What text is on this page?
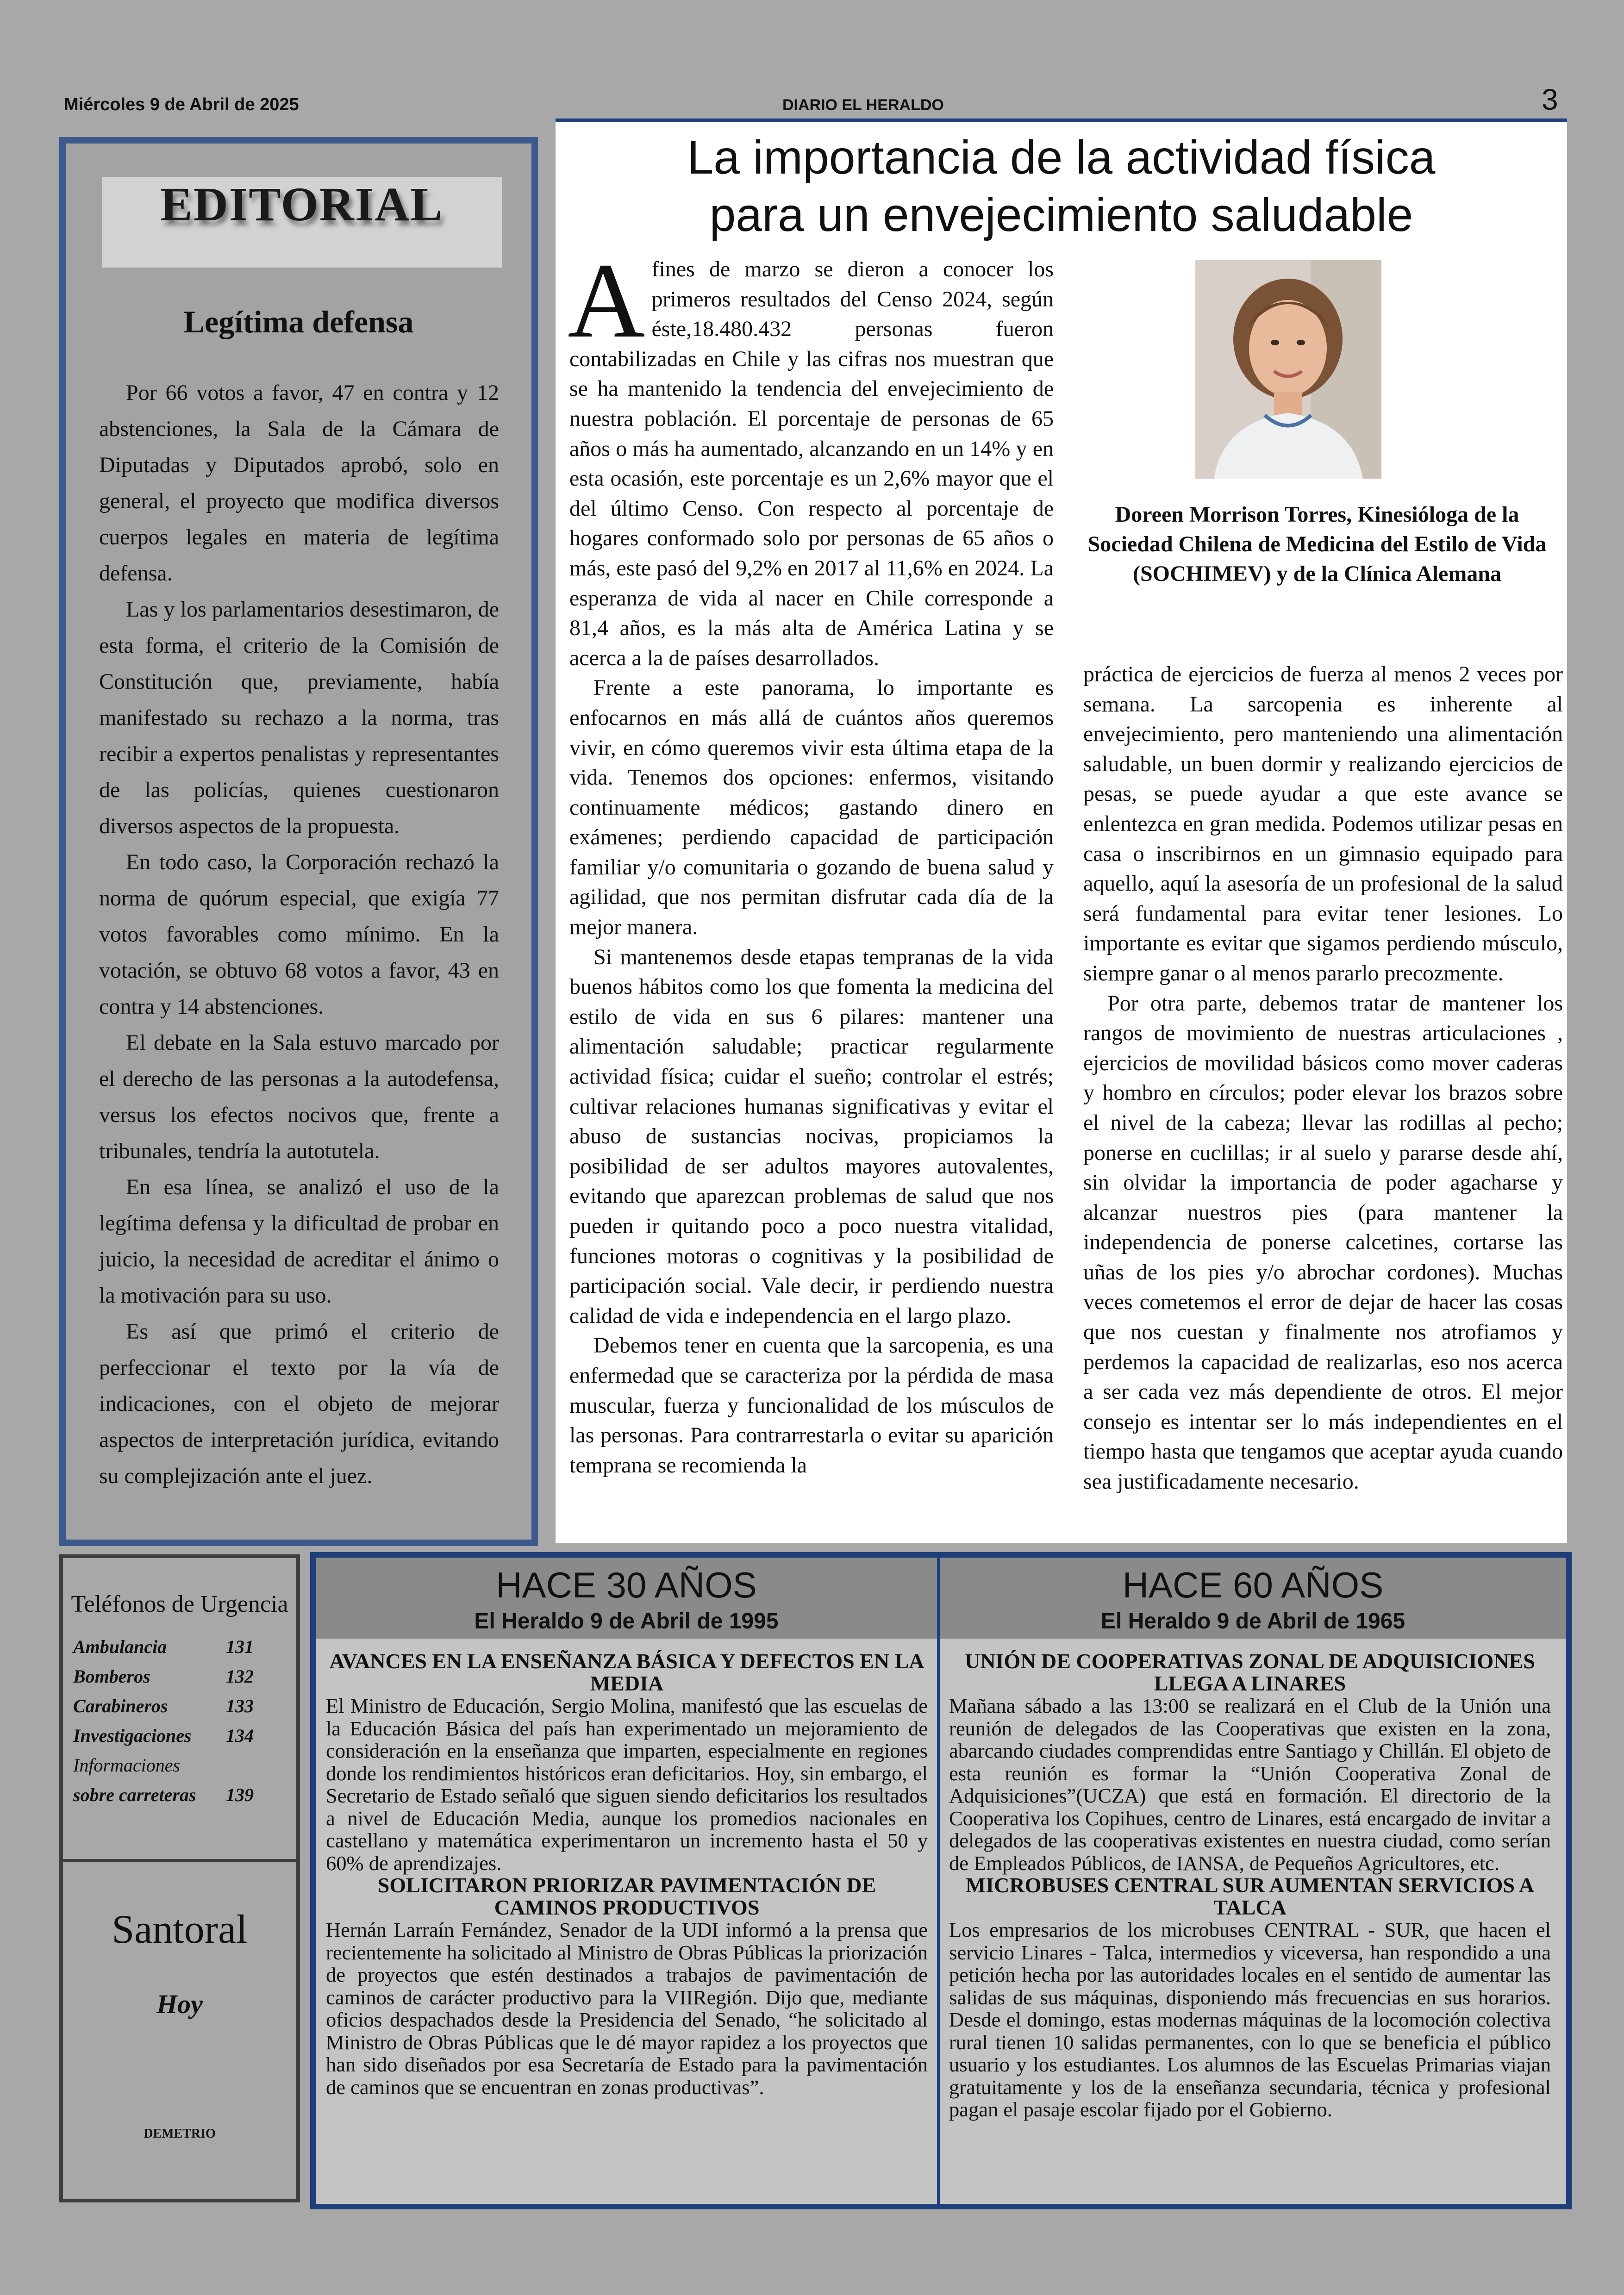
Miércoles 9 de Abril de 2025	DIARIO EL HERALDO	3
EDITORIAL
Legítima defensa

Por 66 votos a favor, 47 en contra y 12 abstenciones, la Sala de la Cámara de Diputadas y Diputados aprobó, solo en general, el proyecto que modifica diversos cuerpos legales en materia de legítima defensa.

Las y los parlamentarios desestimaron, de esta forma, el criterio de la Comisión de Constitución que, previamente, había manifestado su rechazo a la norma, tras recibir a expertos penalistas y representantes de las policías, quienes cuestionaron diversos aspectos de la propuesta.

En todo caso, la Corporación rechazó la norma de quórum especial, que exigía 77 votos favorables como mínimo. En la votación, se obtuvo 68 votos a favor, 43 en contra y 14 abstenciones.

El debate en la Sala estuvo marcado por el derecho de las personas a la autodefensa, versus los efectos nocivos que, frente a tribunales, tendría la autotutela.

En esa línea, se analizó el uso de la legítima defensa y la dificultad de probar en juicio, la necesidad de acreditar el ánimo o la motivación para su uso.

Es así que primó el criterio de perfeccionar el texto por la vía de indicaciones, con el objeto de mejorar aspectos de interpretación jurídica, evitando su complejización ante el juez.

La importancia de la actividad física
para un envejecimiento saludable

Afines de marzo se dieron a conocer los primeros resultados del Censo 2024, según éste,18.480.432 personas fueron contabilizadas en Chile y las cifras nos muestran que se ha mantenido la tendencia del envejecimiento de nuestra población. El porcentaje de personas de 65 años o más ha aumentado, alcanzando en un 14% y en esta ocasión, este porcentaje es un 2,6% mayor que el del último Censo. Con respecto al porcentaje de hogares conformado solo por personas de 65 años o más, este pasó del 9,2% en 2017 al 11,6% en 2024. La esperanza de vida al nacer en Chile corresponde a 81,4 años, es la más alta de América Latina y se acerca a la de países desarrollados.

Frente a este panorama, lo importante es enfocarnos en más allá de cuántos años queremos vivir, en cómo queremos vivir esta última etapa de la vida. Tenemos dos opciones: enfermos, visitando continuamente médicos; gastando dinero en exámenes; perdiendo capacidad de participación familiar y/o comunitaria o gozando de buena salud y agilidad, que nos permitan disfrutar cada día de la mejor manera.

Si mantenemos desde etapas tempranas de la vida buenos hábitos como los que fomenta la medicina del estilo de vida en sus 6 pilares: mantener una alimentación saludable; practicar regularmente actividad física; cuidar el sueño; controlar el estrés; cultivar relaciones humanas significativas y evitar el abuso de sustancias nocivas, propiciamos la posibilidad de ser adultos mayores autovalentes, evitando que aparezcan problemas de salud que nos pueden ir quitando poco a poco nuestra vitalidad, funciones motoras o cognitivas y la posibilidad de participación social. Vale decir, ir perdiendo nuestra calidad de vida e independencia en el largo plazo.

Debemos tener en cuenta que la sarcopenia, es una enfermedad que se caracteriza por la pérdida de masa muscular, fuerza y funcionalidad de los músculos de las personas. Para contrarrestarla o evitar su aparición temprana se recomienda la

Doreen Morrison Torres, Kinesióloga de la Sociedad Chilena de Medicina del Estilo de Vida (SOCHIMEV) y de la Clínica Alemana

práctica de ejercicios de fuerza al menos 2 veces por semana. La sarcopenia es inherente al envejecimiento, pero manteniendo una alimentación saludable, un buen dormir y realizando ejercicios de pesas, se puede ayudar a que este avance se enlentezca en gran medida. Podemos utilizar pesas en casa o inscribirnos en un gimnasio equipado para aquello, aquí la asesoría de un profesional de la salud será fundamental para evitar tener lesiones. Lo importante es evitar que sigamos perdiendo músculo, siempre ganar o al menos pararlo precozmente.

Por otra parte, debemos tratar de mantener los rangos de movimiento de nuestras articulaciones , ejercicios de movilidad básicos como mover caderas y hombro en círculos; poder elevar los brazos sobre el nivel de la cabeza; llevar las rodillas al pecho; ponerse en cuclillas; ir al suelo y pararse desde ahí, sin olvidar la importancia de poder agacharse y alcanzar nuestros pies (para mantener la independencia de ponerse calcetines, cortarse las uñas de los pies y/o abrochar cordones). Muchas veces cometemos el error de dejar de hacer las cosas que nos cuestan y finalmente nos atrofiamos y perdemos la capacidad de realizarlas, eso nos acerca a ser cada vez más dependiente de otros. El mejor consejo es intentar ser lo más independientes en el tiempo hasta que tengamos que aceptar ayuda cuando sea justificadamente necesario.

Teléfonos de Urgencia
Ambulancia	131
Bomberos	132
Carabineros	133
Investigaciones	134
Informaciones
sobre carreteras	139
Santoral
Hoy
DEMETRIO
HACE 30 AÑOS
El Heraldo 9 de Abril de 1995
HACE 60 AÑOS
El Heraldo 9 de Abril de 1965
AVANCES EN LA ENSEÑANZA BÁSICA Y DEFECTOS EN LA MEDIA

El Ministro de Educación, Sergio Molina, manifestó que las escuelas de la Educación Básica del país han experimentado un mejoramiento de consideración en la enseñanza que imparten, especialmente en regiones donde los rendimientos históricos eran deficitarios. Hoy, sin embargo, el Secretario de Estado señaló que siguen siendo deficitarios los resultados a nivel de Educación Media, aunque los promedios nacionales en castellano y matemática experimentaron un incremento hasta el 50 y 60% de aprendizajes.

SOLICITARON PRIORIZAR PAVIMENTACIÓN DE CAMINOS PRODUCTIVOS

Hernán Larraín Fernández, Senador de la UDI informó a la prensa que recientemente ha solicitado al Ministro de Obras Públicas la priorización de proyectos que estén destinados a trabajos de pavimentación de caminos de carácter productivo para la VIIRegión. Dijo que, mediante oficios despachados desde la Presidencia del Senado, “he solicitado al Ministro de Obras Públicas que le dé mayor rapidez a los proyectos que han sido diseñados por esa Secretaría de Estado para la pavimentación de caminos que se encuentran en zonas productivas”.

UNIÓN DE COOPERATIVAS ZONAL DE ADQUISICIONES LLEGA A LINARES

Mañana sábado a las 13:00 se realizará en el Club de la Unión una reunión de delegados de las Cooperativas que existen en la zona, abarcando ciudades comprendidas entre Santiago y Chillán. El objeto de esta reunión es formar la “Unión Cooperativa Zonal de Adquisiciones”(UCZA) que está en formación. El directorio de la Cooperativa los Copihues, centro de Linares, está encargado de invitar a delegados de las cooperativas existentes en nuestra ciudad, como serían de Empleados Públicos, de IANSA, de Pequeños Agricultores, etc.

MICROBUSES CENTRAL SUR AUMENTAN SERVICIOS A TALCA

Los empresarios de los microbuses CENTRAL - SUR, que hacen el servicio Linares - Talca, intermedios y viceversa, han respondido a una petición hecha por las autoridades locales en el sentido de aumentar las salidas de sus máquinas, disponiendo más frecuencias en sus horarios. Desde el domingo, estas modernas máquinas de la locomoción colectiva rural tienen 10 salidas permanentes, con lo que se beneficia el público usuario y los estudiantes. Los alumnos de las Escuelas Primarias viajan gratuitamente y los de la enseñanza secundaria, técnica y profesional pagan el pasaje escolar fijado por el Gobierno.
